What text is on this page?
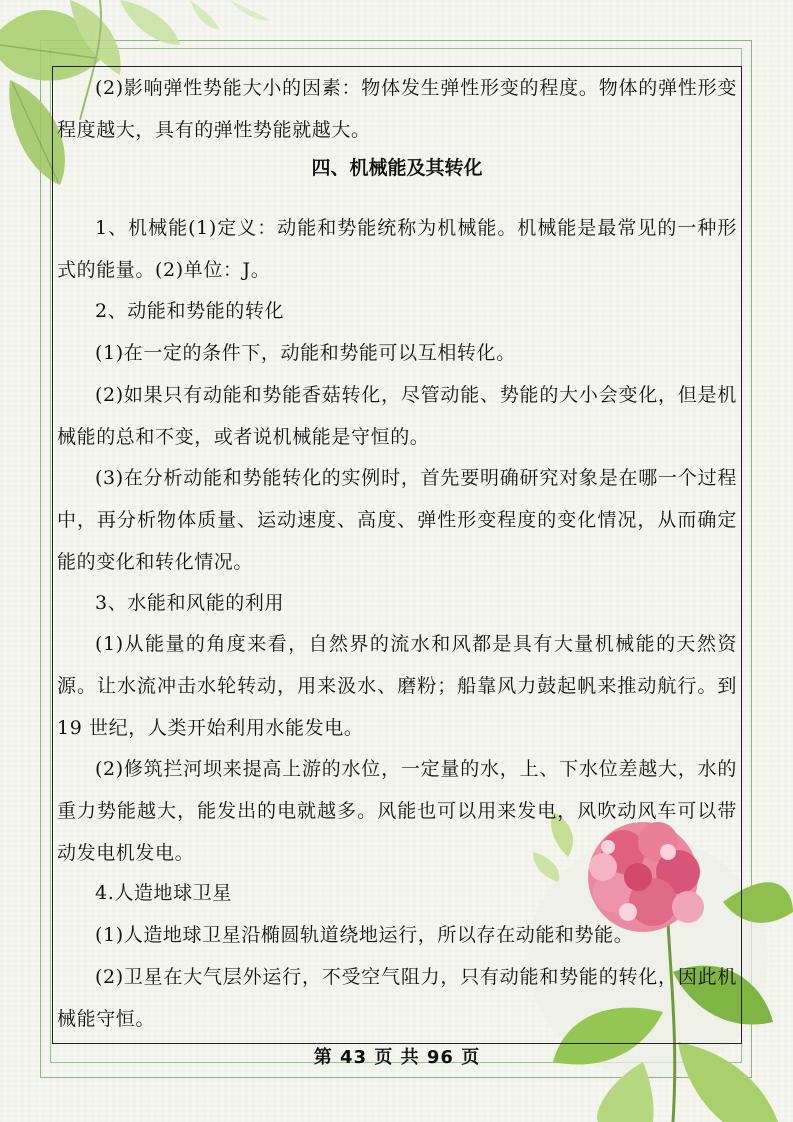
(2)影响弹性势能大小的因素：物体发生弹性形变的程度。物体的弹性形变程度越大，具有的弹性势能就越大。

四、机械能及其转化

1、机械能(1)定义：动能和势能统称为机械能。机械能是最常见的一种形式的能量。(2)单位：J。

2、动能和势能的转化

(1)在一定的条件下，动能和势能可以互相转化。

(2)如果只有动能和势能香菇转化，尽管动能、势能的大小会变化，但是机械能的总和不变，或者说机械能是守恒的。

(3)在分析动能和势能转化的实例时，首先要明确研究对象是在哪一个过程中，再分析物体质量、运动速度、高度、弹性形变程度的变化情况，从而确定能的变化和转化情况。

3、水能和风能的利用

(1)从能量的角度来看，自然界的流水和风都是具有大量机械能的天然资源。让水流冲击水轮转动，用来汲水、磨粉；船靠风力鼓起帆来推动航行。到 19 世纪，人类开始利用水能发电。

(2)修筑拦河坝来提高上游的水位，一定量的水，上、下水位差越大，水的重力势能越大，能发出的电就越多。风能也可以用来发电，风吹动风车可以带动发电机发电。

4.人造地球卫星

(1)人造地球卫星沿椭圆轨道绕地运行，所以存在动能和势能。

(2)卫星在大气层外运行，不受空气阻力，只有动能和势能的转化，因此机械能守恒。

第 43 页 共 96 页
